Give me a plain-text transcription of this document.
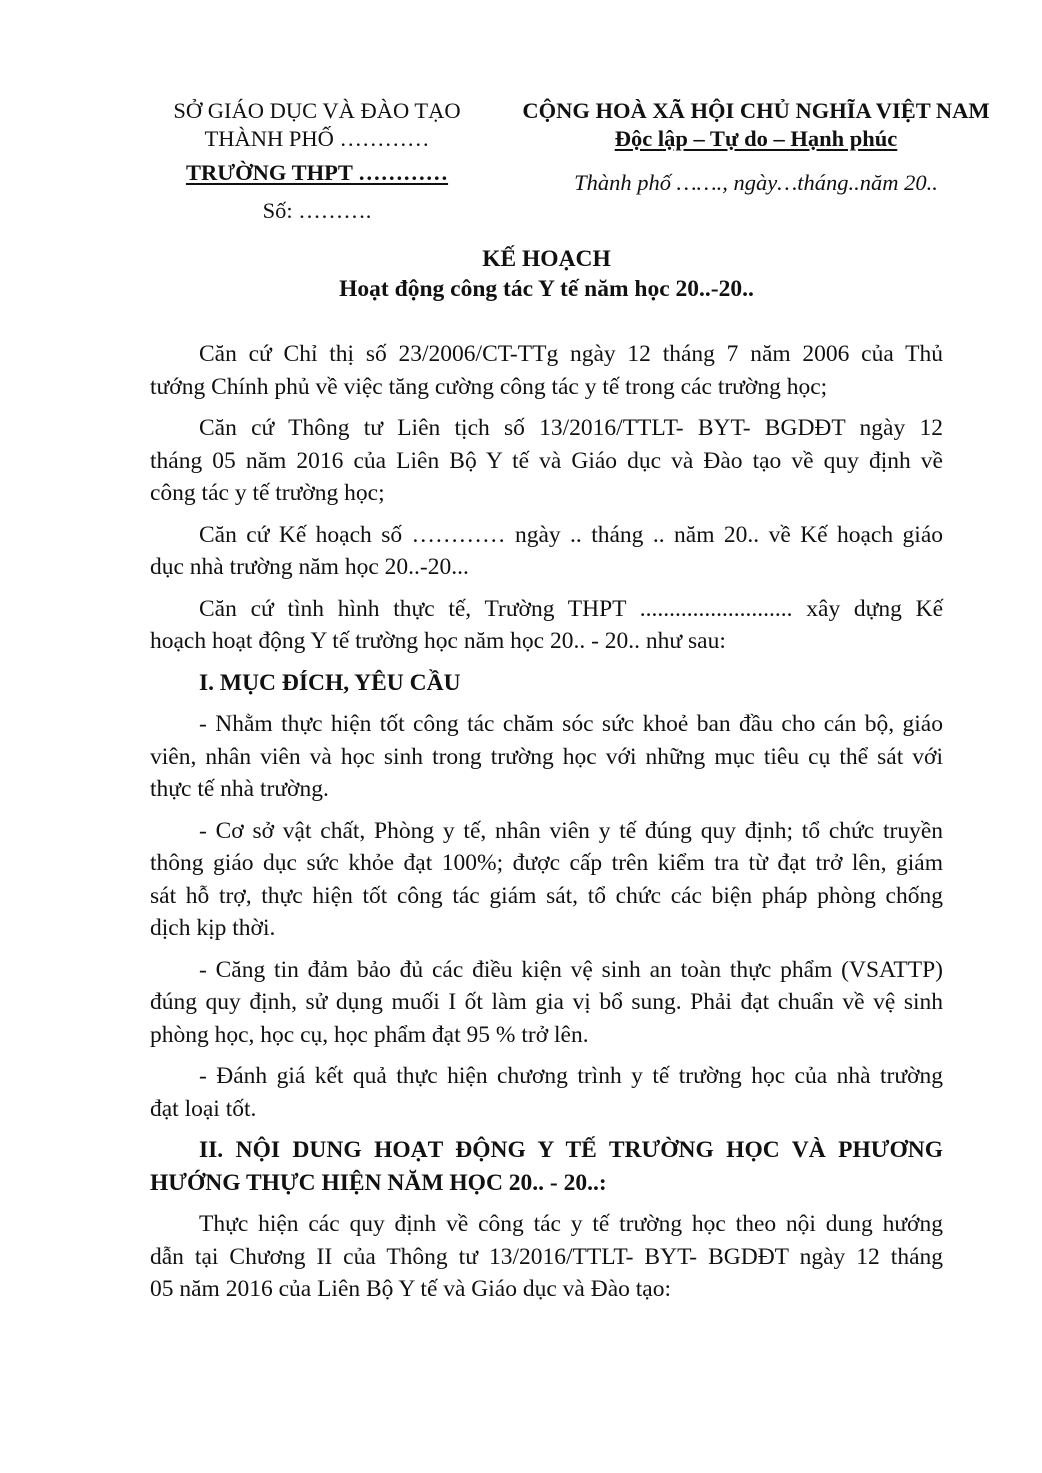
SỞ GIÁO DỤC VÀ ĐÀO TẠO
THÀNH PHỐ …………
TRƯỜNG THPT …………
Số: ……….
CỘNG HOÀ XÃ HỘI CHỦ NGHĨA VIỆT NAM
Độc lập – Tự do – Hạnh phúc
Thành phố ……., ngày…tháng..năm 20..
KẾ HOẠCH
Hoạt động công tác Y tế năm học 20..-20..

Căn cứ Chỉ thị số 23/2006/CT-TTg ngày 12 tháng 7 năm 2006 của Thủ
tướng Chính phủ về việc tăng cường công tác y tế trong các trường học;

Căn cứ Thông tư Liên tịch số 13/2016/TTLT- BYT- BGDĐT ngày 12
tháng 05 năm 2016 của Liên Bộ Y tế và Giáo dục và Đào tạo về quy định về
công tác y tế trường học;

Căn cứ Kế hoạch số ………… ngày .. tháng .. năm 20.. về Kế hoạch giáo
dục nhà trường năm học 20..-20...

Căn cứ tình hình thực tế, Trường THPT .......................... xây dựng Kế
hoạch hoạt động Y tế trường học năm học 20.. - 20.. như sau:

I. MỤC ĐÍCH, YÊU CẦU

- Nhằm thực hiện tốt công tác chăm sóc sức khoẻ ban đầu cho cán bộ, giáo
viên, nhân viên và học sinh trong trường học với những mục tiêu cụ thể sát với
thực tế nhà trường.

- Cơ sở vật chất, Phòng y tế, nhân viên y tế đúng quy định; tổ chức truyền
thông giáo dục sức khỏe đạt 100%; được cấp trên kiểm tra từ đạt trở lên, giám
sát hỗ trợ, thực hiện tốt công tác giám sát, tổ chức các biện pháp phòng chống
dịch kịp thời.

- Căng tin đảm bảo đủ các điều kiện vệ sinh an toàn thực phẩm (VSATTP)
đúng quy định, sử dụng muối I ốt làm gia vị bổ sung. Phải đạt chuẩn về vệ sinh
phòng học, học cụ, học phẩm đạt 95 % trở lên.

- Đánh giá kết quả thực hiện chương trình y tế trường học của nhà trường
đạt loại tốt.

II. NỘI DUNG HOẠT ĐỘNG Y TẾ TRƯỜNG HỌC VÀ PHƯƠNG
HƯỚNG THỰC HIỆN NĂM HỌC 20.. - 20..:

Thực hiện các quy định về công tác y tế trường học theo nội dung hướng
dẫn tại Chương II của Thông tư 13/2016/TTLT- BYT- BGDĐT ngày 12 tháng
05 năm 2016 của Liên Bộ Y tế và Giáo dục và Đào tạo:
